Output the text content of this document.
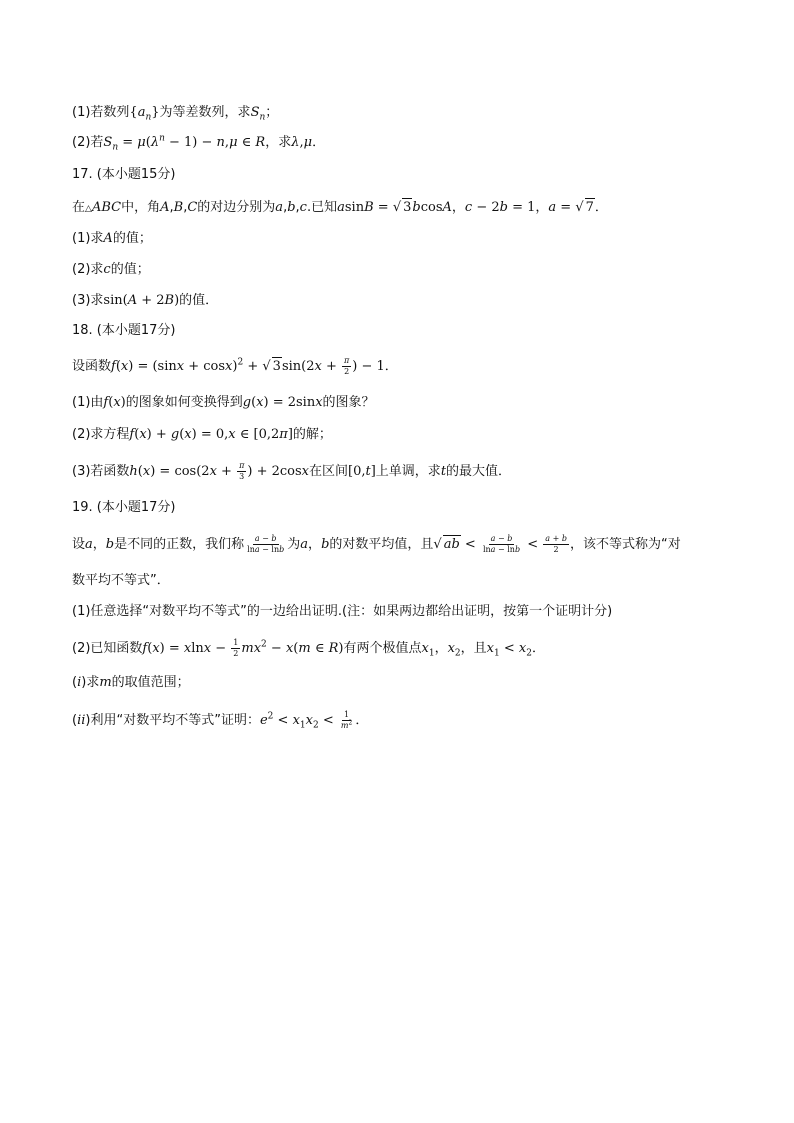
(1)若数列$\{a_n\}$为等差数列，求$S_n$；
(2)若$S_n = \mu(\lambda^n - 1) - n,\mu$ ∈ R，求λ,μ．
17. (本小题15分)
在△ABC中，角A,B,C的对边分别为a,b,c.已知asinB = √ 3bcosA，c − 2b = 1，a = √ 7．
(1)求A的值；
(2)求c的值；
(3)求sin(A + 2B)的值．
18. (本小题17分)
设函数$f(x) = (\sin x + \cos x)^2$ + √ $3\sin(2x + \frac{\pi}{2}$ ) − 1．
(1)由f(x)的图象如何变换得到g(x) = 2sinx的图象？
(2)求方程f(x) + g(x) = 0,x ∈ [0,2π]的解；
(3)若函数$h(x) = \cos(2x + \frac{\pi}{3}$ ) + 2cosx在区间[0,t]上单调，求t的最大值．
19. (本小题17分)
设a，b是不同的正数，我们称 $\frac{a - b}{\ln a - \ln b}$ 为a，b的对数平均值，且√ ab < $\frac{a - b}{\ln a - \ln b} < \frac{a + b}{2}$ ，该不等式称为“对
数平均不等式”．
(1)任意选择“对数平均不等式”的一边给出证明.(注：如果两边都给出证明，按第一个证明计分)
(2)已知函数$f(x) = xlnx - \frac{1}{2} mx^2 - x(m$ ∈ R)有两个极值点$x_1$，$x_2$，且$x_1 < x_2$．
(i)求m的取值范围；
(ii)利用“对数平均不等式”证明：$e^2 < x_1x_2 < \frac{1}{m^2}$ ．
